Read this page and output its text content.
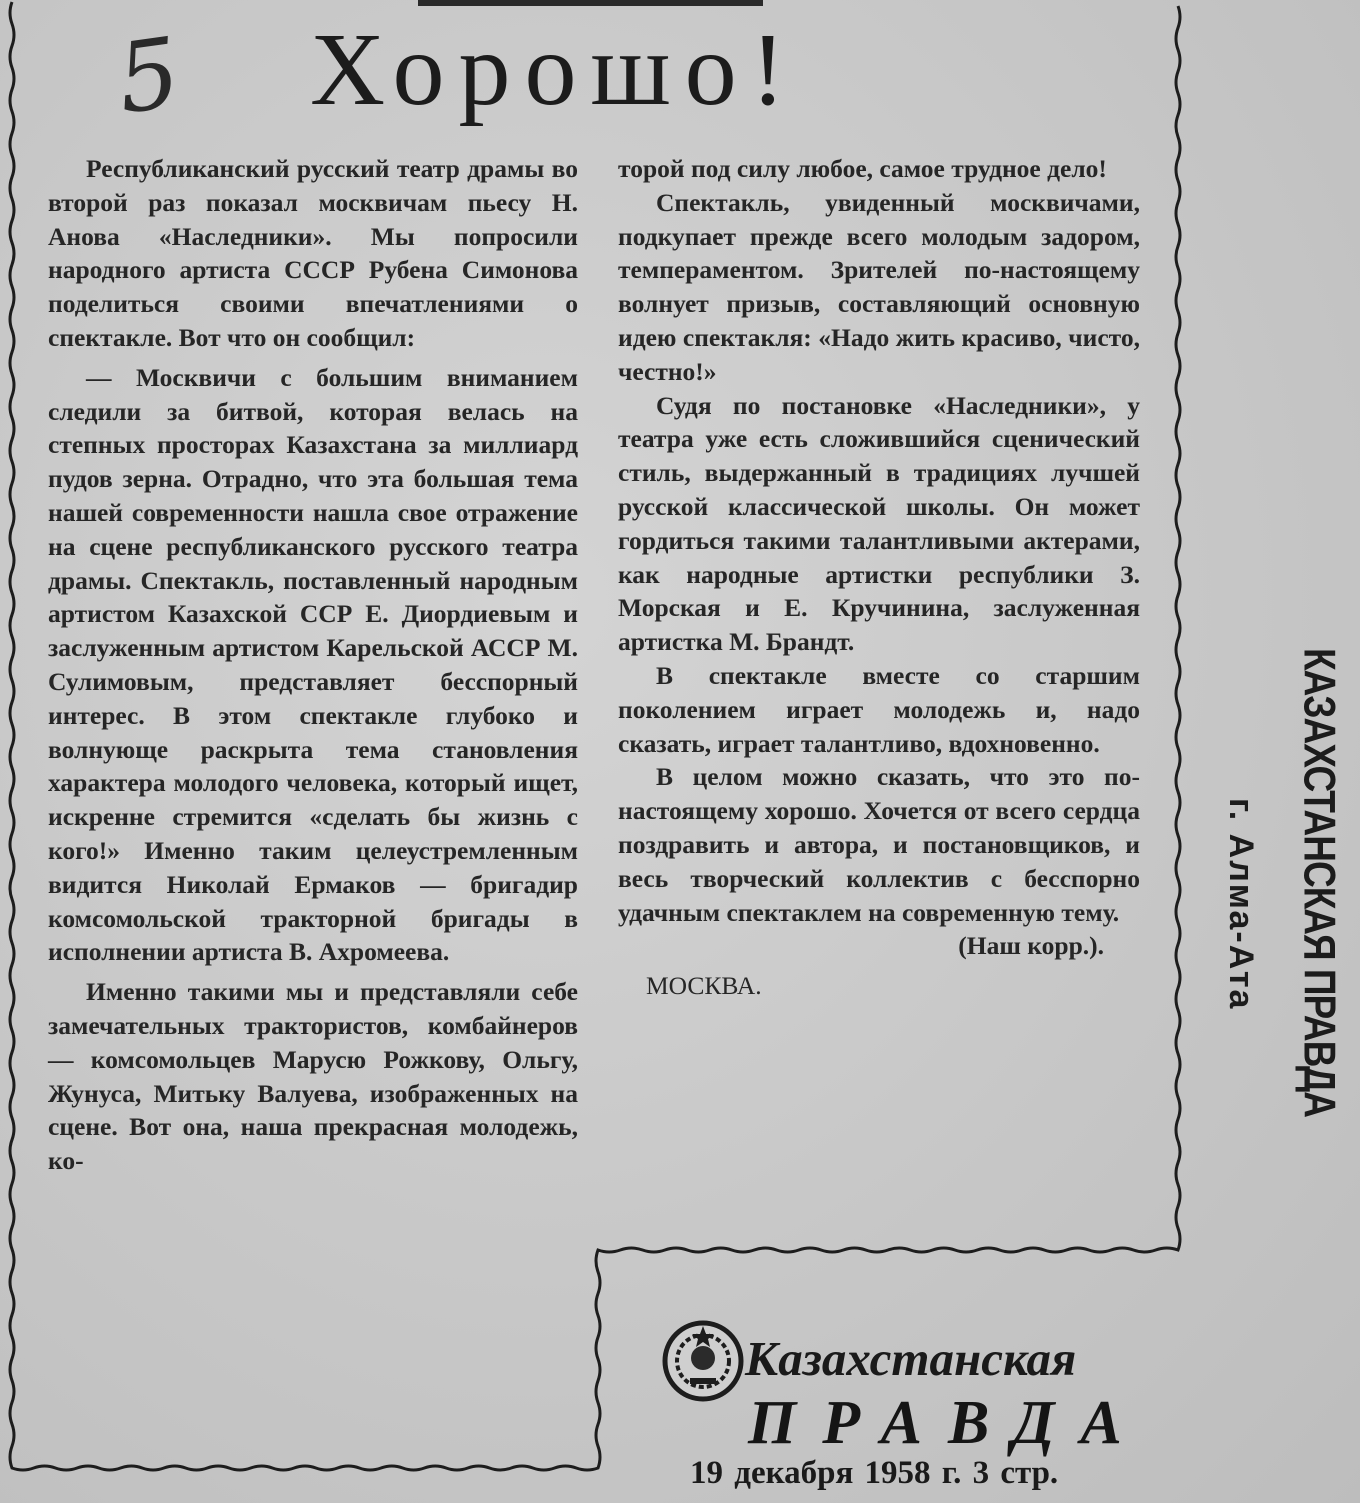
5 Хорошо!

Республиканский русский театр драмы во второй раз показал москвичам пьесу Н. Анова «Наследники». Мы попросили народного артиста СССР Рубена Симонова поделиться своими впечатлениями о спектакле. Вот что он сообщил:

— Москвичи с большим вниманием следили за битвой, которая велась на степных просторах Казахстана за миллиард пудов зерна. Отрадно, что эта большая тема нашей современности нашла свое отражение на сцене республиканского русского театра драмы. Спектакль, поставленный народным артистом Казахской ССР Е. Диордиевым и заслуженным артистом Карельской АССР М. Сулимовым, представляет бесспорный интерес. В этом спектакле глубоко и волнующе раскрыта тема становления характера молодого человека, который ищет, искренне стремится «сделать бы жизнь с кого!» Именно таким целеустремленным видится Николай Ермаков — бригадир комсомольской тракторной бригады в исполнении артиста В. Ахромеева.

Именно такими мы и представляли себе замечательных трактористов, комбайнеров — комсомольцев Марусю Рожкову, Ольгу, Жунуса, Митьку Валуева, изображенных на сцене. Вот она, наша прекрасная молодежь, ко-

торой под силу любое, самое трудное дело!

Спектакль, увиденный москвичами, подкупает прежде всего молодым задором, темпераментом. Зрителей по-настоящему волнует призыв, составляющий основную идею спектакля: «Надо жить красиво, чисто, честно!»

Судя по постановке «Наследники», у театра уже есть сложившийся сценический стиль, выдержанный в традициях лучшей русской классической школы. Он может гордиться такими талантливыми актерами, как народные артистки республики З. Морская и Е. Кручинина, заслуженная артистка М. Брандт.

В спектакле вместе со старшим поколением играет молодежь и, надо сказать, играет талантливо, вдохновенно.

В целом можно сказать, что это по-настоящему хорошо. Хочется от всего сердца поздравить и автора, и постановщиков, и весь творческий коллектив с бесспорно удачным спектаклем на современную тему.

(Наш корр.).

МОСКВА.	КАЗАХСТАНСКАЯ ПРАВДА
г. Алма-Ата
Казахстанская
ПРАВДА
19 декабря 1958 г. 3 стр.
